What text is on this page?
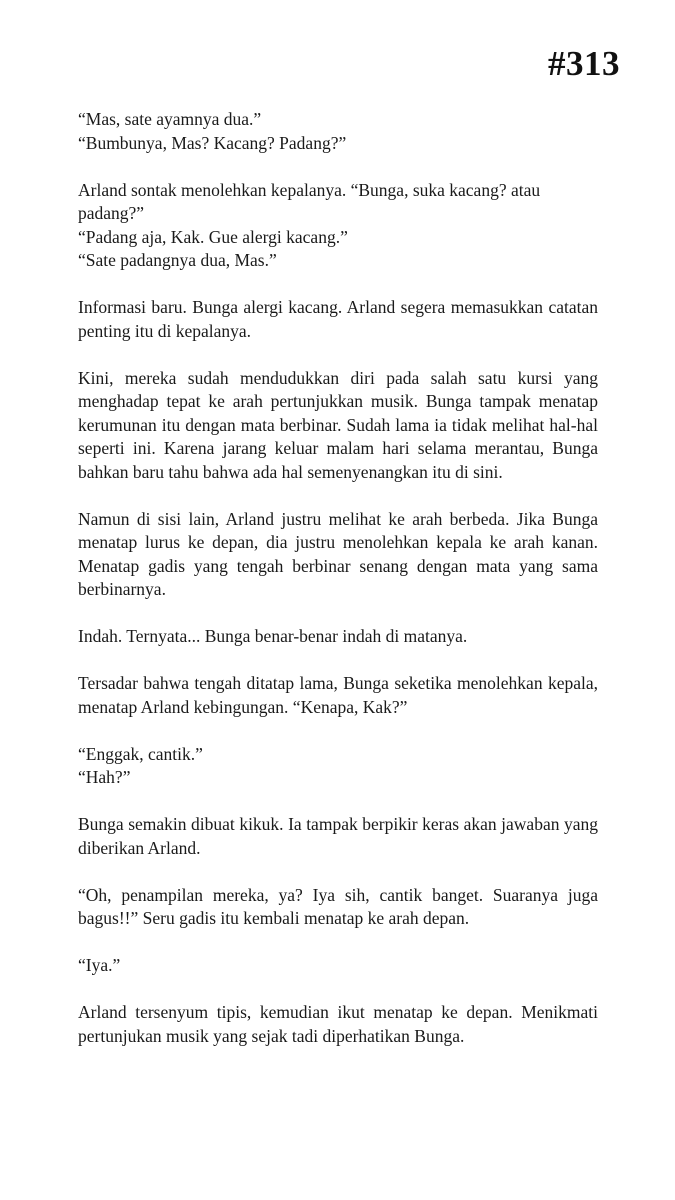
#313

“Mas, sate ayamnya dua.”
“Bumbunya, Mas? Kacang? Padang?”

Arland sontak menolehkan kepalanya. “Bunga, suka kacang? atau padang?”
“Padang aja, Kak. Gue alergi kacang.”
“Sate padangnya dua, Mas.”

Informasi baru. Bunga alergi kacang. Arland segera memasukkan catatan penting itu di kepalanya.

Kini, mereka sudah mendudukkan diri pada salah satu kursi yang menghadap tepat ke arah pertunjukkan musik. Bunga tampak menatap kerumunan itu dengan mata berbinar. Sudah lama ia tidak melihat hal-hal seperti ini. Karena jarang keluar malam hari selama merantau, Bunga bahkan baru tahu bahwa ada hal semenyenangkan itu di sini.

Namun di sisi lain, Arland justru melihat ke arah berbeda. Jika Bunga menatap lurus ke depan, dia justru menolehkan kepala ke arah kanan. Menatap gadis yang tengah berbinar senang dengan mata yang sama berbinarnya.

Indah. Ternyata... Bunga benar-benar indah di matanya.

Tersadar bahwa tengah ditatap lama, Bunga seketika menolehkan kepala, menatap Arland kebingungan. “Kenapa, Kak?”

“Enggak, cantik.”
“Hah?”

Bunga semakin dibuat kikuk. Ia tampak berpikir keras akan jawaban yang diberikan Arland.

“Oh, penampilan mereka, ya? Iya sih, cantik banget. Suaranya juga bagus!!” Seru gadis itu kembali menatap ke arah depan.

“Iya.”

Arland tersenyum tipis, kemudian ikut menatap ke depan. Menikmati pertunjukan musik yang sejak tadi diperhatikan Bunga.
